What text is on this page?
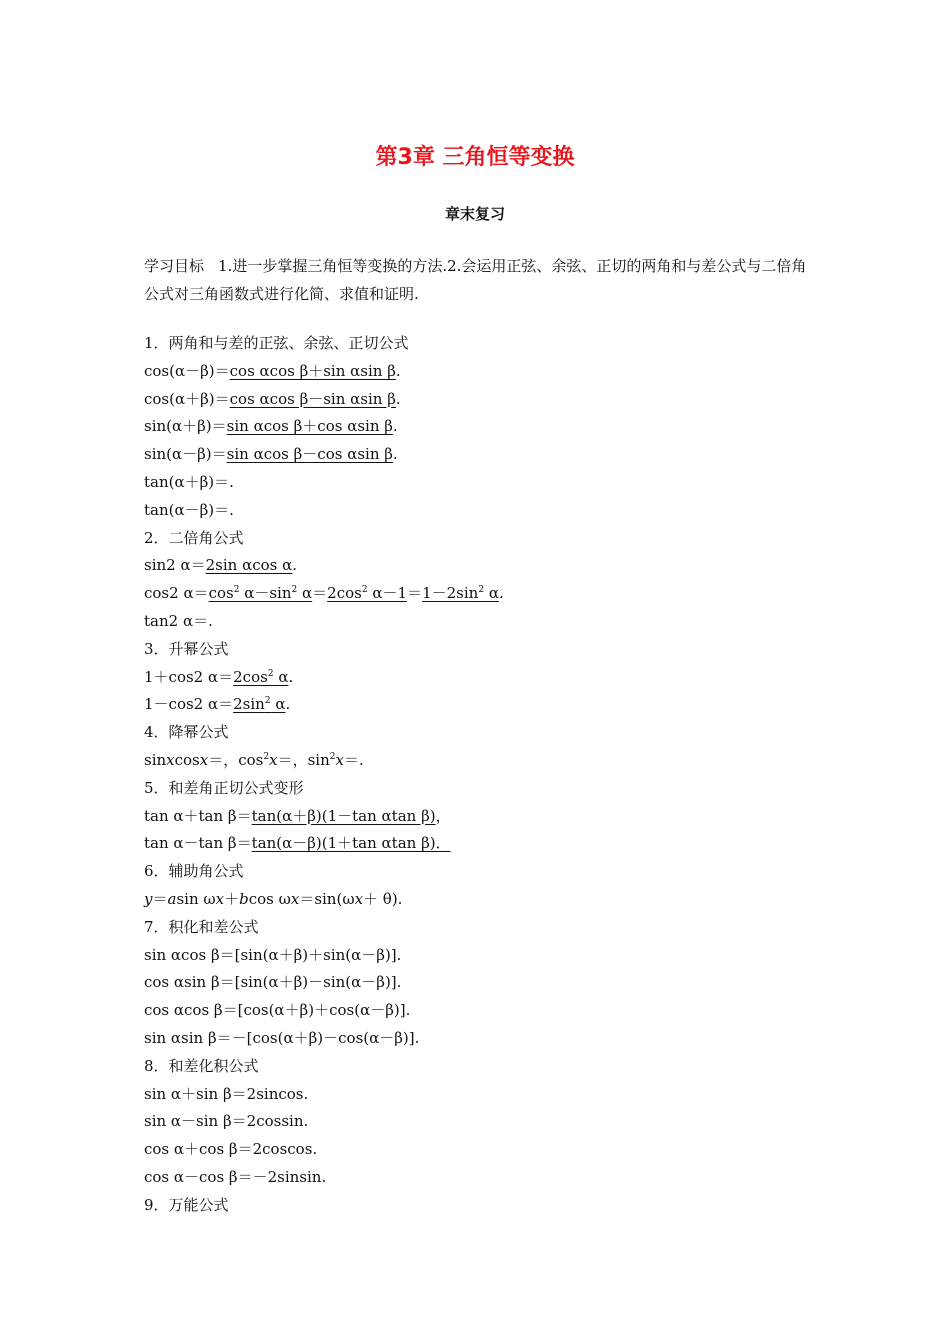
第3章 三角恒等变换
章末复习
学习目标 1.进一步掌握三角恒等变换的方法.2.会运用正弦、余弦、正切的两角和与差公式与二倍角公式对三角函数式进行化简、求值和证明.
1．两角和与差的正弦、余弦、正切公式
cos(α－β)＝cos αcos β＋sin αsin β.
cos(α＋β)＝cos αcos β－sin αsin β.
sin(α＋β)＝sin αcos β＋cos αsin β.
sin(α－β)＝sin αcos β－cos αsin β.
tan(α＋β)＝.
tan(α－β)＝.
2．二倍角公式
sin2 α＝2sin αcos α.
cos2 $\alpha=\cos^2$ $\alpha-\sin^2$ $\alpha=2\cos^2$ $\alpha-1=1-2\sin^2$ α.
tan2 α＝.
3．升幂公式
1＋cos2 $\alpha=2\cos^2$ α.
1－cos2 $\alpha=2\sin^2$ α.
4．降幂公式
sinxcosx＝，$\cos^2x=$，$\sin^2x=$.
5．和差角正切公式变形
tan α＋tan β＝tan(α＋β)(1－tan αtan β)，
tan α－tan β＝tan(α－β)(1＋tan αtan β)．
6．辅助角公式
y＝asin ωx＋bcos ωx＝sin(ωx＋ θ).
7．积化和差公式
sin αcos β＝[sin(α＋β)＋sin(α－β)].
cos αsin β＝[sin(α＋β)－sin(α－β)].
cos αcos β＝[cos(α＋β)＋cos(α－β)].
sin αsin β＝－[cos(α＋β)－cos(α－β)].
8．和差化积公式
sin α＋sin β＝2sincos.
sin α－sin β＝2cossin.
cos α＋cos β＝2coscos.
cos α－cos β＝－2sinsin.
9．万能公式
